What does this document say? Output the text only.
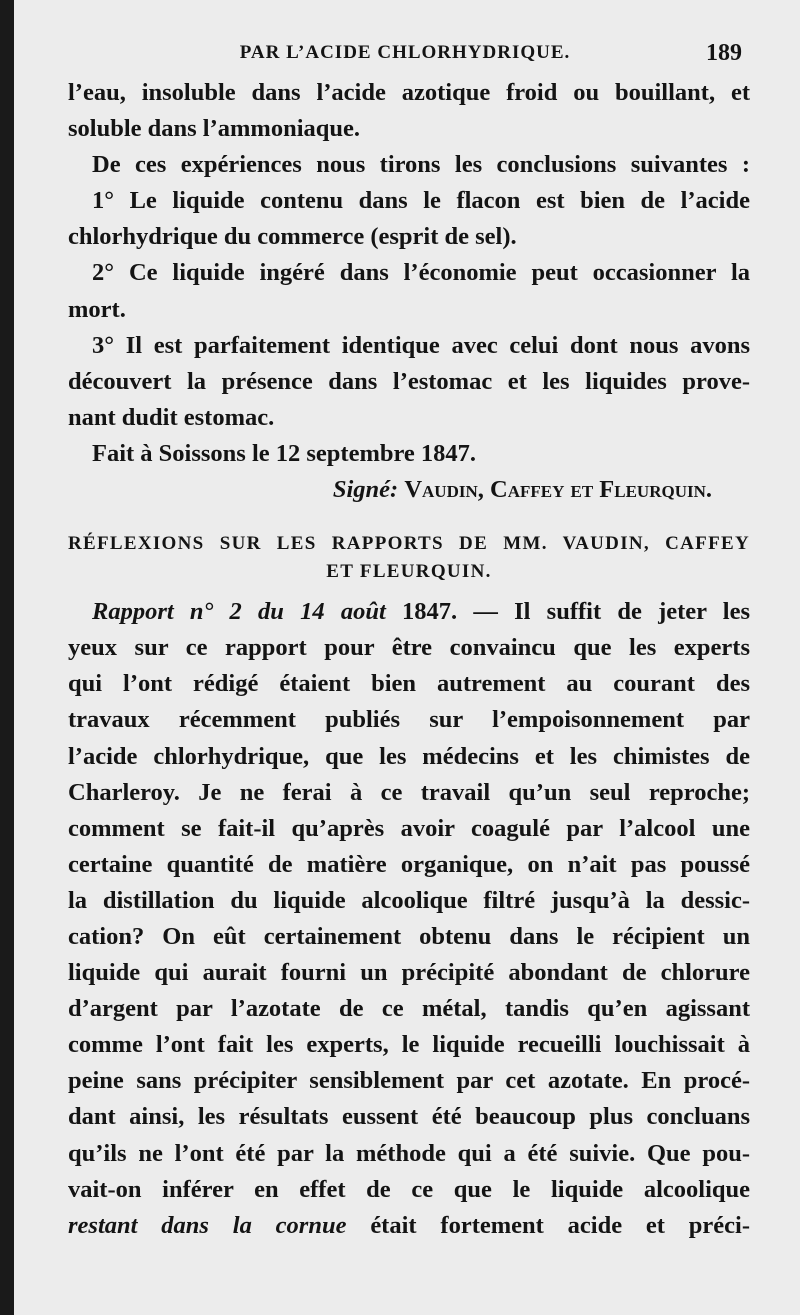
PAR L’ACIDE CHLORHYDRIQUE.	189
l’eau, insoluble dans l’acide azotique froid ou bouillant, et
soluble dans l’ammoniaque.
De ces expériences nous tirons les conclusions suivantes :
1° Le liquide contenu dans le flacon est bien de l’acide
chlorhydrique du commerce (esprit de sel).
2° Ce liquide ingéré dans l’économie peut occasionner la
mort.
3° Il est parfaitement identique avec celui dont nous avons
découvert la présence dans l’estomac et les liquides prove-
nant dudit estomac.
Fait à Soissons le 12 septembre 1847.
Signé: Vaudin, Caffey et Fleurquin.
RÉFLEXIONS SUR LES RAPPORTS DE MM. VAUDIN, CAFFEY
ET FLEURQUIN.
Rapport n° 2 du 14 août 1847. — Il suffit de jeter les
yeux sur ce rapport pour être convaincu que les experts
qui l’ont rédigé étaient bien autrement au courant des
travaux récemment publiés sur l’empoisonnement par
l’acide chlorhydrique, que les médecins et les chimistes de
Charleroy. Je ne ferai à ce travail qu’un seul reproche;
comment se fait-il qu’après avoir coagulé par l’alcool une
certaine quantité de matière organique, on n’ait pas poussé
la distillation du liquide alcoolique filtré jusqu’à la dessic-
cation? On eût certainement obtenu dans le récipient un
liquide qui aurait fourni un précipité abondant de chlorure
d’argent par l’azotate de ce métal, tandis qu’en agissant
comme l’ont fait les experts, le liquide recueilli louchissait à
peine sans précipiter sensiblement par cet azotate. En procé-
dant ainsi, les résultats eussent été beaucoup plus concluans
qu’ils ne l’ont été par la méthode qui a été suivie. Que pou-
vait-on inférer en effet de ce que le liquide alcoolique
restant dans la cornue était fortement acide et préci-
